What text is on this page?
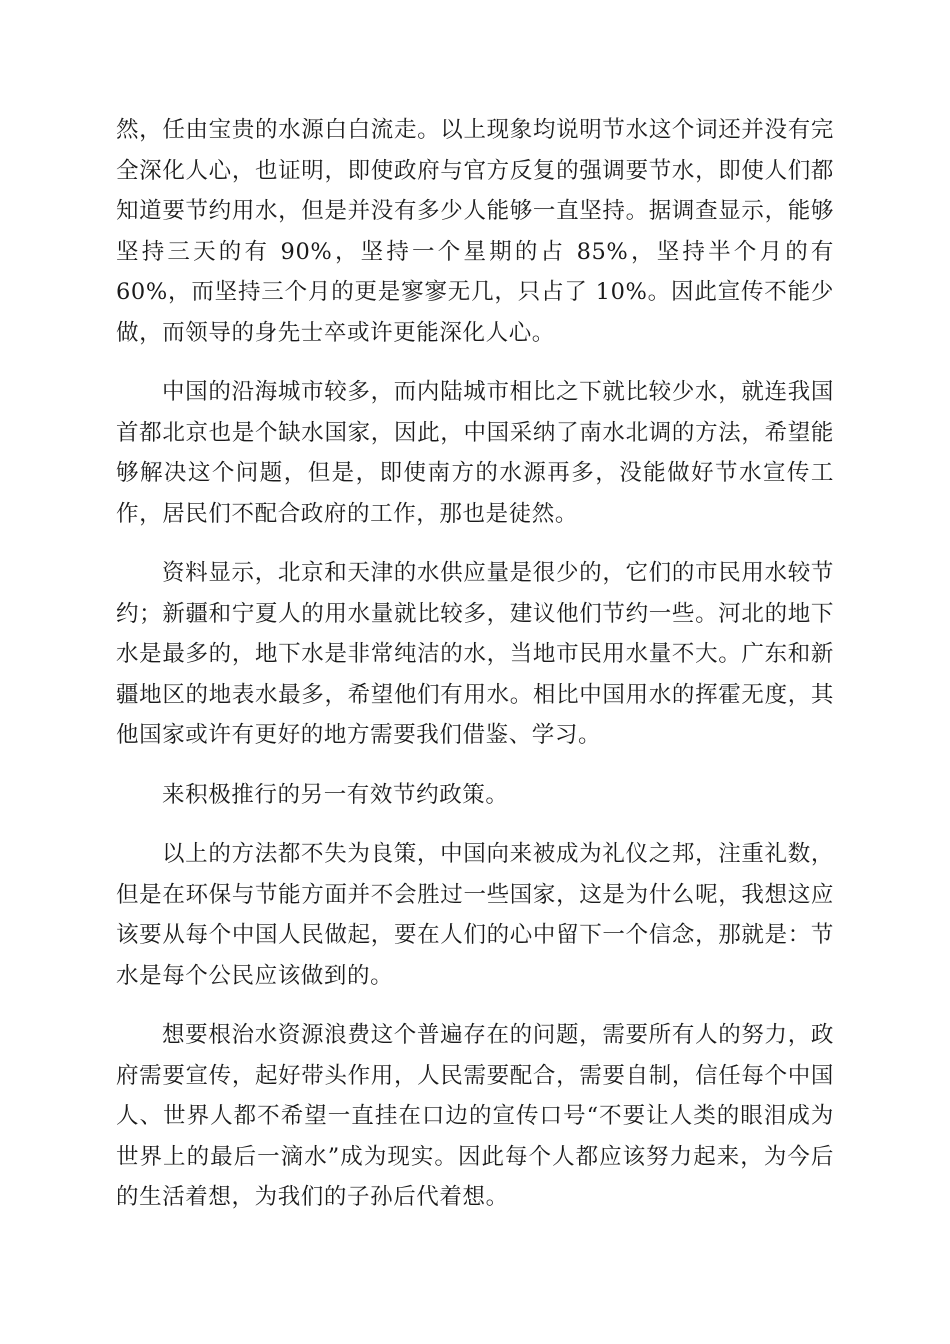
然，任由宝贵的水源白白流走。以上现象均说明节水这个词还并没有完全深化人心，也证明，即使政府与官方反复的强调要节水，即使人们都知道要节约用水，但是并没有多少人能够一直坚持。据调查显示，能够坚持三天的有 90%，坚持一个星期的占 85%，坚持半个月的有 60%，而坚持三个月的更是寥寥无几，只占了 10%。因此宣传不能少做，而领导的身先士卒或许更能深化人心。

中国的沿海城市较多，而内陆城市相比之下就比较少水，就连我国首都北京也是个缺水国家，因此，中国采纳了南水北调的方法，希望能够解决这个问题，但是，即使南方的水源再多，没能做好节水宣传工作，居民们不配合政府的工作，那也是徒然。

资料显示，北京和天津的水供应量是很少的，它们的市民用水较节约；新疆和宁夏人的用水量就比较多，建议他们节约一些。河北的地下水是最多的，地下水是非常纯洁的水，当地市民用水量不大。广东和新疆地区的地表水最多，希望他们有用水。相比中国用水的挥霍无度，其他国家或许有更好的地方需要我们借鉴、学习。

来积极推行的另一有效节约政策。

以上的方法都不失为良策，中国向来被成为礼仪之邦，注重礼数，但是在环保与节能方面并不会胜过一些国家，这是为什么呢，我想这应该要从每个中国人民做起，要在人们的心中留下一个信念，那就是：节水是每个公民应该做到的。

想要根治水资源浪费这个普遍存在的问题，需要所有人的努力，政府需要宣传，起好带头作用，人民需要配合，需要自制，信任每个中国人、世界人都不希望一直挂在口边的宣传口号“不要让人类的眼泪成为世界上的最后一滴水”成为现实。因此每个人都应该努力起来，为今后的生活着想，为我们的子孙后代着想。
